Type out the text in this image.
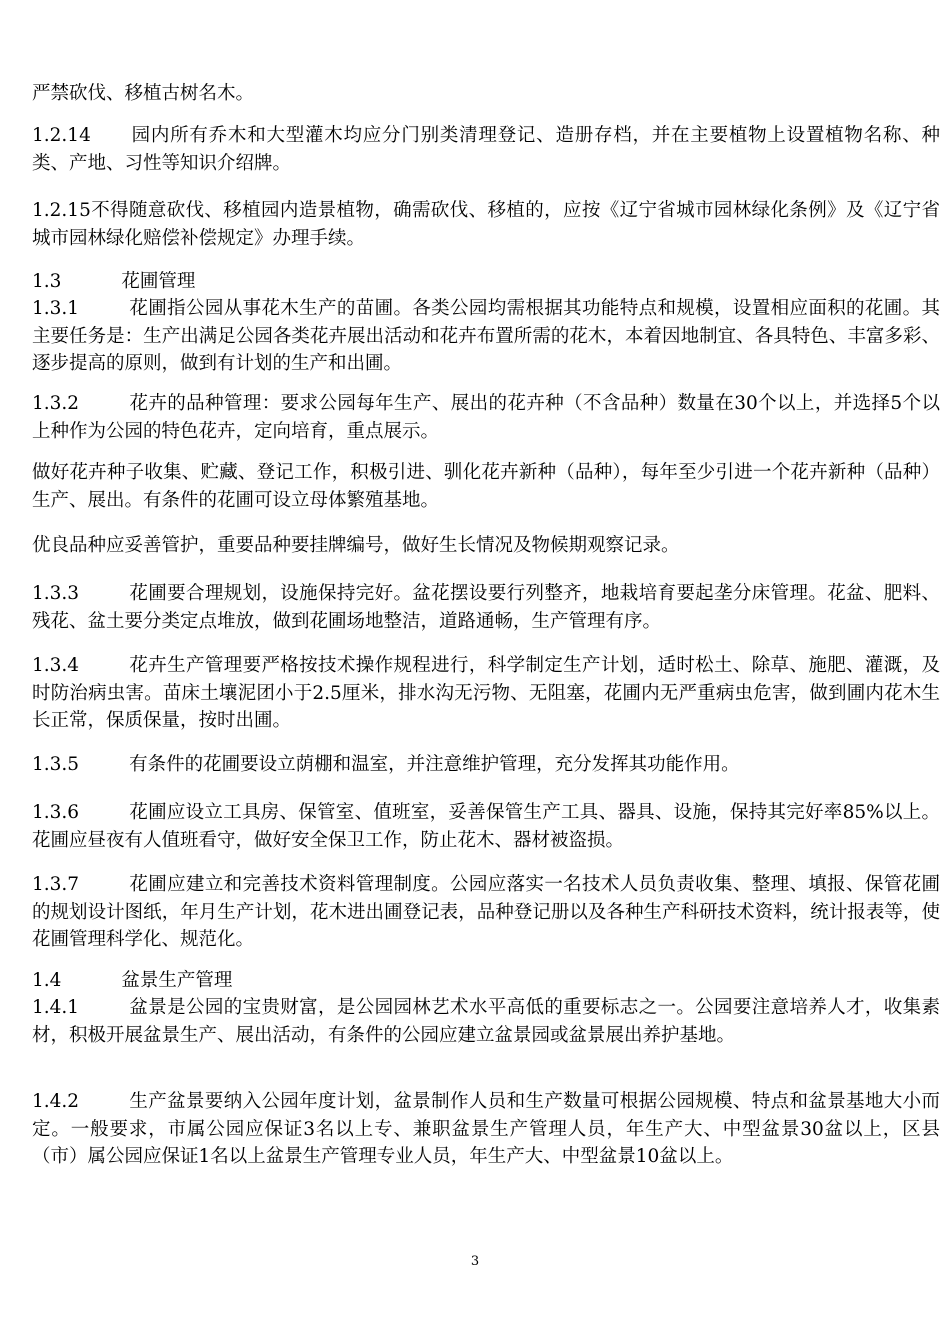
严禁砍伐、移植古树名木。

1.2.14 园内所有乔木和大型灌木均应分门别类清理登记、造册存档，并在主要植物上设置植物名称、种类、产地、习性等知识介绍牌。

1.2.15不得随意砍伐、移植园内造景植物，确需砍伐、移植的，应按《辽宁省城市园林绿化条例》及《辽宁省城市园林绿化赔偿补偿规定》办理手续。

1.3	花圃管理

1.3.1	花圃指公园从事花木生产的苗圃。各类公园均需根据其功能特点和规模，设置相应面积的花圃。其主要任务是：生产出满足公园各类花卉展出活动和花卉布置所需的花木，本着因地制宜、各具特色、丰富多彩、逐步提高的原则，做到有计划的生产和出圃。

1.3.2	花卉的品种管理：要求公园每年生产、展出的花卉种（不含品种）数量在30个以上，并选择5个以上种作为公园的特色花卉，定向培育，重点展示。

做好花卉种子收集、贮藏、登记工作，积极引进、驯化花卉新种（品种），每年至少引进一个花卉新种（品种）生产、展出。有条件的花圃可设立母体繁殖基地。

优良品种应妥善管护，重要品种要挂牌编号，做好生长情况及物候期观察记录。

1.3.3	花圃要合理规划，设施保持完好。盆花摆设要行列整齐，地栽培育要起垄分床管理。花盆、肥料、残花、盆土要分类定点堆放，做到花圃场地整洁，道路通畅，生产管理有序。

1.3.4	花卉生产管理要严格按技术操作规程进行，科学制定生产计划，适时松土、除草、施肥、灌溉，及时防治病虫害。苗床土壤泥团小于2.5厘米，排水沟无污物、无阻塞，花圃内无严重病虫危害，做到圃内花木生长正常，保质保量，按时出圃。

1.3.5	有条件的花圃要设立荫棚和温室，并注意维护管理，充分发挥其功能作用。

1.3.6	花圃应设立工具房、保管室、值班室，妥善保管生产工具、器具、设施，保持其完好率85%以上。花圃应昼夜有人值班看守，做好安全保卫工作，防止花木、器材被盗损。

1.3.7	花圃应建立和完善技术资料管理制度。公园应落实一名技术人员负责收集、整理、填报、保管花圃的规划设计图纸，年月生产计划，花木进出圃登记表，品种登记册以及各种生产科研技术资料，统计报表等，使花圃管理科学化、规范化。

1.4	盆景生产管理

1.4.1	盆景是公园的宝贵财富，是公园园林艺术水平高低的重要标志之一。公园要注意培养人才，收集素材，积极开展盆景生产、展出活动，有条件的公园应建立盆景园或盆景展出养护基地。

1.4.2	生产盆景要纳入公园年度计划，盆景制作人员和生产数量可根据公园规模、特点和盆景基地大小而定。一般要求，市属公园应保证3名以上专、兼职盆景生产管理人员，年生产大、中型盆景30盆以上，区县（市）属公园应保证1名以上盆景生产管理专业人员，年生产大、中型盆景10盆以上。

3
